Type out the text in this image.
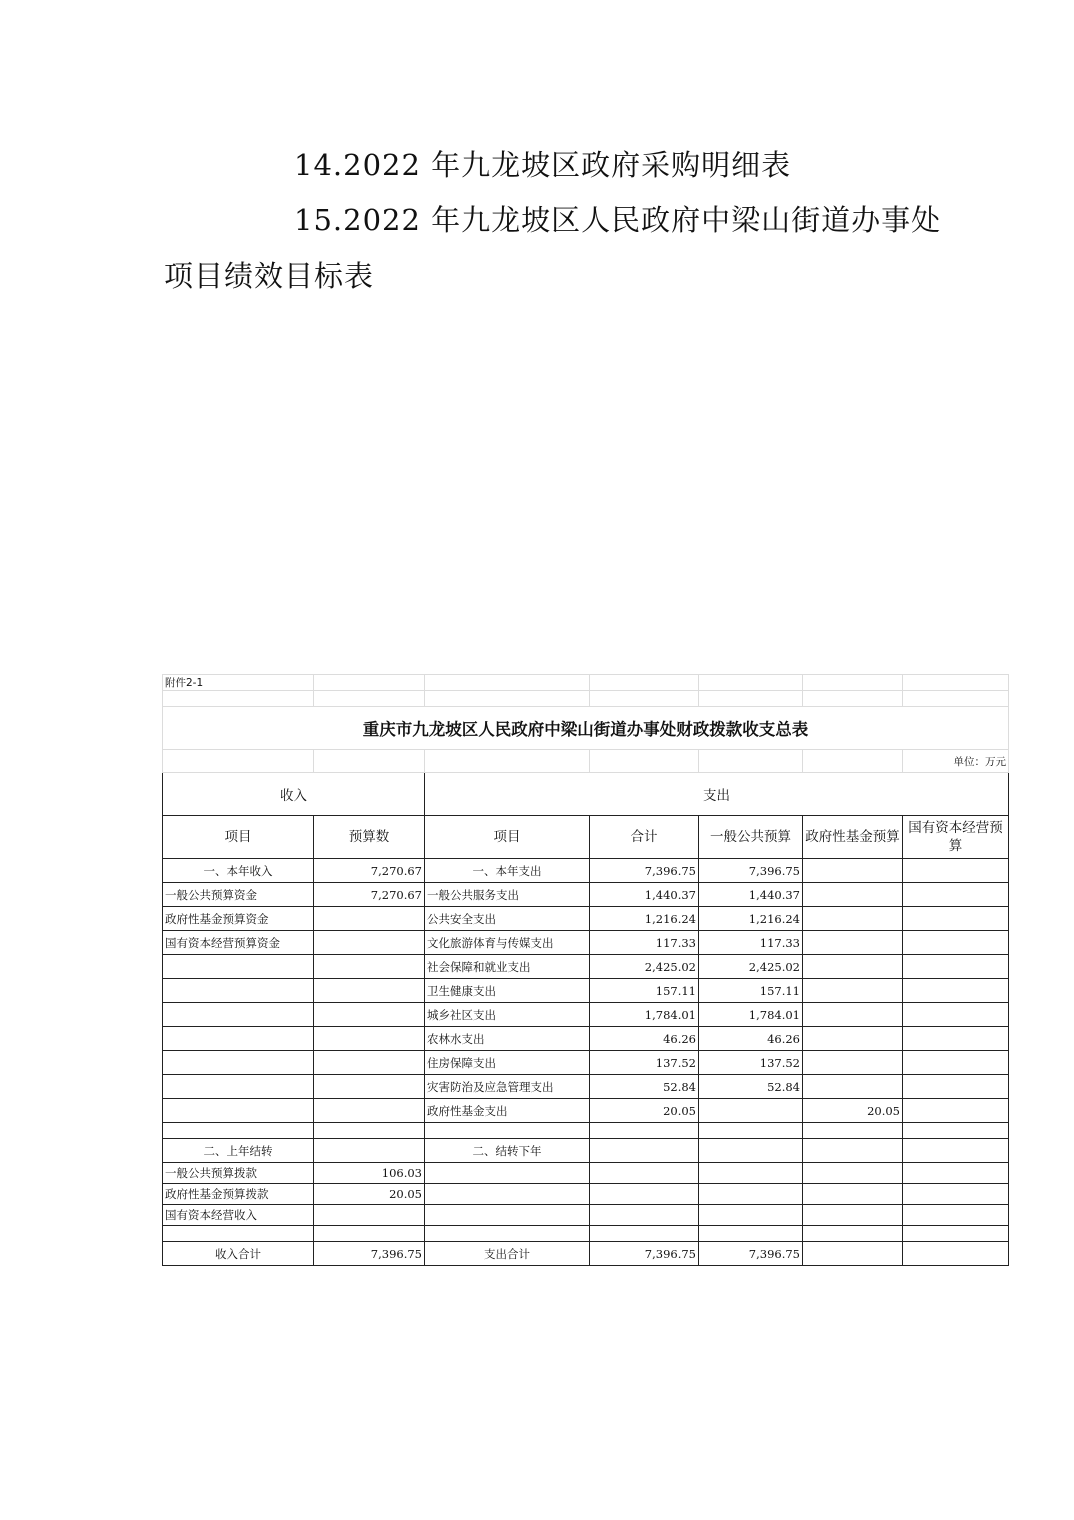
14.2022 年九龙坡区政府采购明细表
15.2022 年九龙坡区人民政府中梁山街道办事处
项目绩效目标表
附件2-1						

重庆市九龙坡区人民政府中梁山街道办事处财政拨款收支总表						
						单位：万元
收入		支出				
项目	预算数	项目	合计	一般公共预算	政府性基金预算	国有资本经营预算
一、本年收入	7,270.67	一、本年支出	7,396.75	7,396.75		
一般公共预算资金	7,270.67	一般公共服务支出	1,440.37	1,440.37		
政府性基金预算资金		公共安全支出	1,216.24	1,216.24		
国有资本经营预算资金		文化旅游体育与传媒支出	117.33	117.33		
		社会保障和就业支出	2,425.02	2,425.02		
		卫生健康支出	157.11	157.11		
		城乡社区支出	1,784.01	1,784.01		
		农林水支出	46.26	46.26		
		住房保障支出	137.52	137.52		
		灾害防治及应急管理支出	52.84	52.84		
		政府性基金支出	20.05		20.05	

二、上年结转		二、结转下年				
一般公共预算拨款	106.03					
政府性基金预算拨款	20.05					
国有资本经营收入						

收入合计	7,396.75	支出合计	7,396.75	7,396.75		
